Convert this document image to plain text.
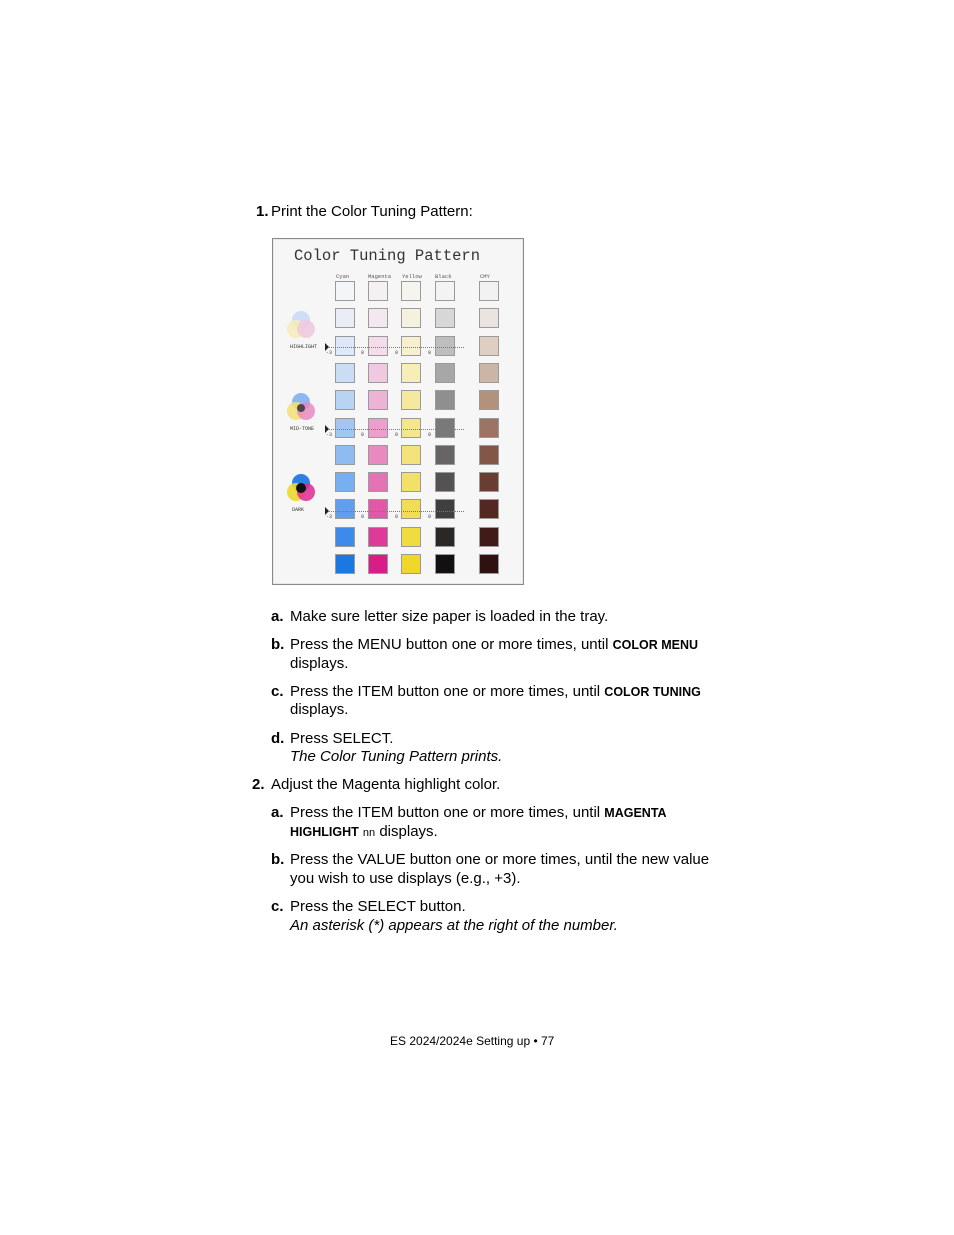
1. Print the Color Tuning Pattern:
Color Tuning Pattern
Cyan	Magenta Yellow Black	CMY
HIGHLIGHT
MID-TONE
DARK
-3	0	0	0
-3	0	0	0
-3	0	0	0
a. Make sure letter size paper is loaded in the tray.
b. Press the MENU button one or more times, until COLOR MENU
displays.
c. Press the ITEM button one or more times, until COLOR TUNING
displays.
d. Press SELECT.
The Color Tuning Pattern prints.
2. Adjust the Magenta highlight color.
a. Press the ITEM button one or more times, until MAGENTA
HIGHLIGHT nn displays.
b. Press the VALUE button one or more times, until the new value
you wish to use displays (e.g., +3).
c. Press the SELECT button.
An asterisk (*) appears at the right of the number.
ES 2024/2024e Setting up • 77
